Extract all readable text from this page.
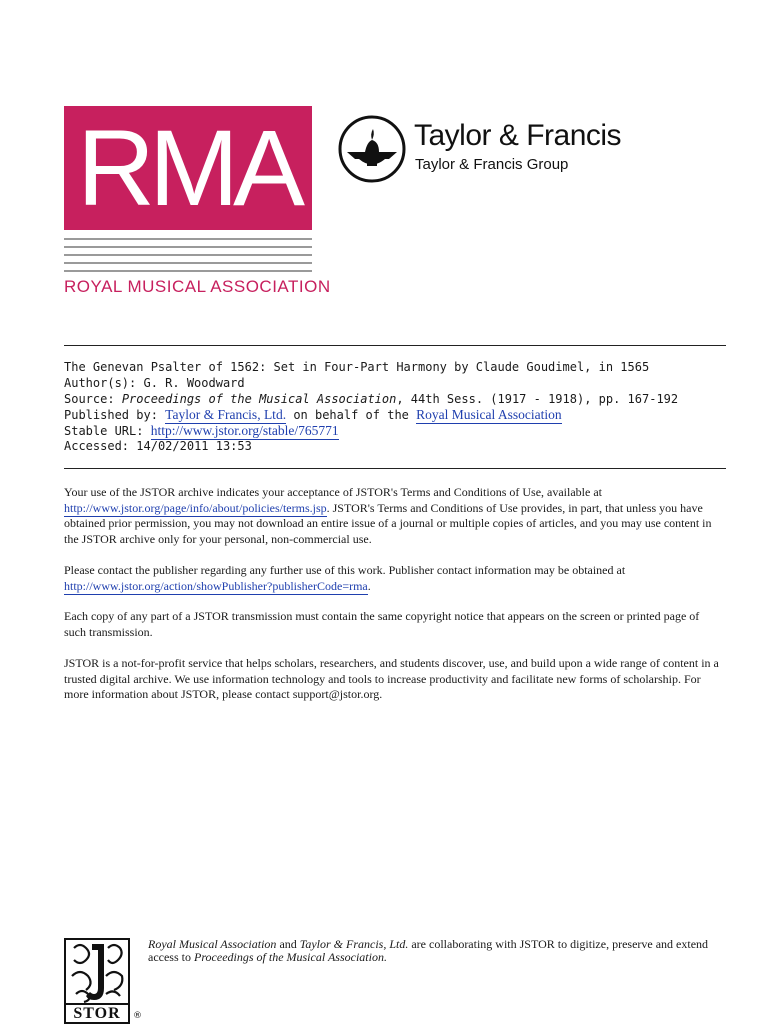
RMA
ROYAL MUSICAL ASSOCIATION
Taylor & Francis
Taylor & Francis Group
The Genevan Psalter of 1562: Set in Four-Part Harmony by Claude Goudimel, in 1565
Author(s): G. R. Woodward
Source: Proceedings of the Musical Association, 44th Sess. (1917 - 1918), pp. 167-192
Published by: Taylor & Francis, Ltd. on behalf of the Royal Musical Association
Stable URL: http://www.jstor.org/stable/765771
Accessed: 14/02/2011 13:53
Your use of the JSTOR archive indicates your acceptance of JSTOR's Terms and Conditions of Use, available at http://www.jstor.org/page/info/about/policies/terms.jsp. JSTOR's Terms and Conditions of Use provides, in part, that unless you have obtained prior permission, you may not download an entire issue of a journal or multiple copies of articles, and you may use content in the JSTOR archive only for your personal, non-commercial use.
Please contact the publisher regarding any further use of this work. Publisher contact information may be obtained at http://www.jstor.org/action/showPublisher?publisherCode=rma.
Each copy of any part of a JSTOR transmission must contain the same copyright notice that appears on the screen or printed page of such transmission.
JSTOR is a not-for-profit service that helps scholars, researchers, and students discover, use, and build upon a wide range of content in a trusted digital archive. We use information technology and tools to increase productivity and facilitate new forms of scholarship. For more information about JSTOR, please contact support@jstor.org.
STOR	®
Royal Musical Association and Taylor & Francis, Ltd. are collaborating with JSTOR to digitize, preserve and extend access to Proceedings of the Musical Association.
